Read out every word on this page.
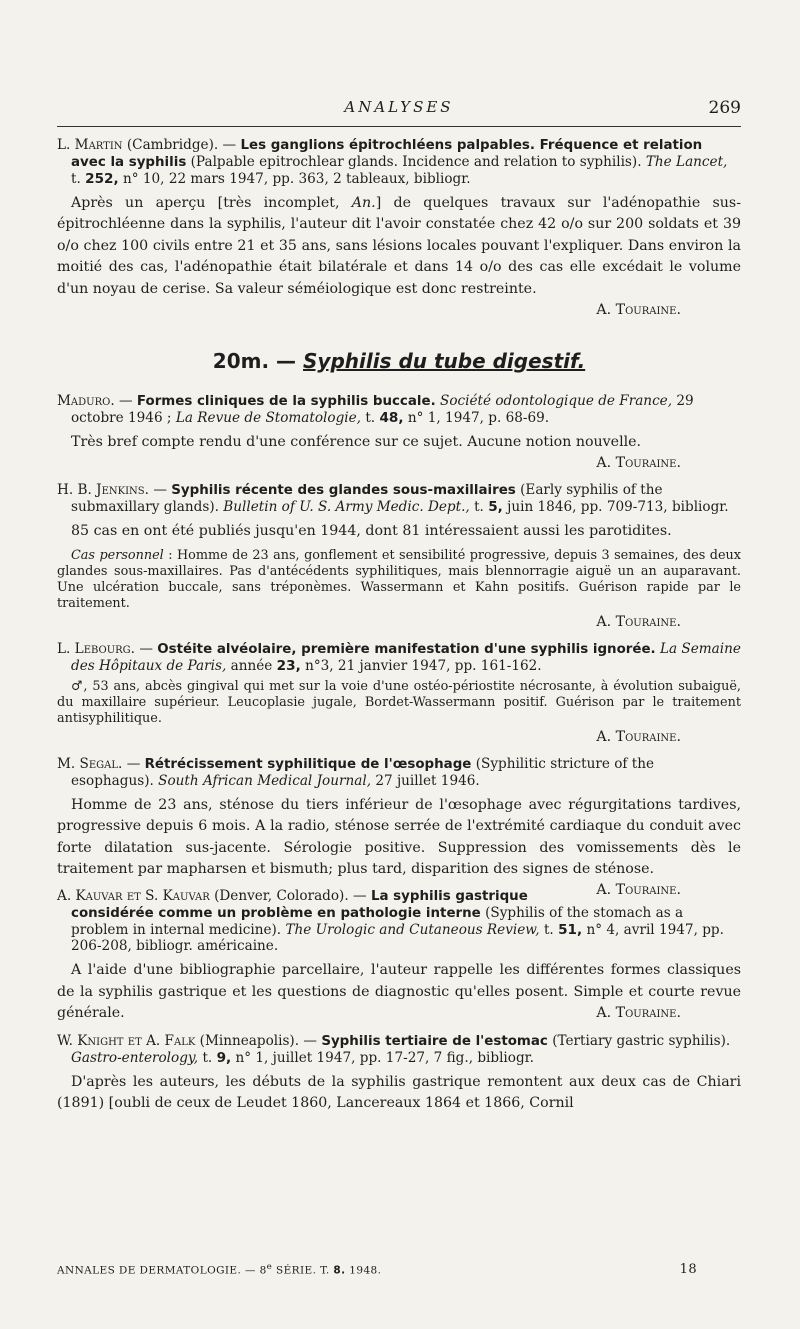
ANALYSES	269

L. Martin (Cambridge). — Les ganglions épitrochléens palpables. Fréquence et relation avec la syphilis (Palpable epitrochlear glands. Incidence and relation to syphilis). The Lancet, t. 252, n° 10, 22 mars 1947, pp. 363, 2 tableaux, bibliogr.

Après un aperçu [très incomplet, An.] de quelques travaux sur l'adénopathie sus-épitrochléenne dans la syphilis, l'auteur dit l'avoir constatée chez 42 o/o sur 200 soldats et 39 o/o chez 100 civils entre 21 et 35 ans, sans lésions locales pouvant l'expliquer. Dans environ la moitié des cas, l'adénopathie était bilatérale et dans 14 o/o des cas elle excédait le volume d'un noyau de cerise. Sa valeur séméiologique est donc restreinte.

A. Touraine.

20m. — Syphilis du tube digestif.

Maduro. — Formes cliniques de la syphilis buccale. Société odontologique de France, 29 octobre 1946 ; La Revue de Stomatologie, t. 48, n° 1, 1947, p. 68-69.

Très bref compte rendu d'une conférence sur ce sujet. Aucune notion nouvelle.

A. Touraine.

H. B. Jenkins. — Syphilis récente des glandes sous-maxillaires (Early syphilis of the submaxillary glands). Bulletin of U. S. Army Medic. Dept., t. 5, juin 1846, pp. 709-713, bibliogr.

85 cas en ont été publiés jusqu'en 1944, dont 81 intéressaient aussi les parotidites.

Cas personnel : Homme de 23 ans, gonflement et sensibilité progressive, depuis 3 semaines, des deux glandes sous-maxillaires. Pas d'antécédents syphilitiques, mais blennorragie aiguë un an auparavant. Une ulcération buccale, sans tréponèmes. Wassermann et Kahn positifs. Guérison rapide par le traitement.

A. Touraine.

L. Lebourg. — Ostéite alvéolaire, première manifestation d'une syphilis ignorée. La Semaine des Hôpitaux de Paris, année 23, n°3, 21 janvier 1947, pp. 161-162.

♂, 53 ans, abcès gingival qui met sur la voie d'une ostéo-périostite nécrosante, à évolution subaiguë, du maxillaire supérieur. Leucoplasie jugale, Bordet-Wassermann positif. Guérison par le traitement antisyphilitique.

A. Touraine.

M. Segal. — Rétrécissement syphilitique de l'œsophage (Syphilitic stricture of the esophagus). South African Medical Journal, 27 juillet 1946.

Homme de 23 ans, sténose du tiers inférieur de l'œsophage avec régurgitations tardives, progressive depuis 6 mois. A la radio, sténose serrée de l'extrémité cardiaque du conduit avec forte dilatation sus-jacente. Sérologie positive. Suppression des vomissements dès le traitement par mapharsen et bismuth; plus tard, disparition des signes de sténose.
A. Touraine.

A. Kauvar et S. Kauvar (Denver, Colorado). — La syphilis gastrique considérée comme un problème en pathologie interne (Syphilis of the stomach as a problem in internal medicine). The Urologic and Cutaneous Review, t. 51, n° 4, avril 1947, pp. 206-208, bibliogr. américaine.

A l'aide d'une bibliographie parcellaire, l'auteur rappelle les différentes formes classiques de la syphilis gastrique et les questions de diagnostic qu'elles posent. Simple et courte revue générale.	A. Touraine.

W. Knight et A. Falk (Minneapolis). — Syphilis tertiaire de l'estomac (Tertiary gastric syphilis). Gastro-enterology, t. 9, n° 1, juillet 1947, pp. 17-27, 7 fig., bibliogr.

D'après les auteurs, les débuts de la syphilis gastrique remontent aux deux cas de Chiari (1891) [oubli de ceux de Leudet 1860, Lancereaux 1864 et 1866, Cornil

ANNALES DE DERMATOLOGIE. — 8e SÉRIE. T. 8. 1948.	18
